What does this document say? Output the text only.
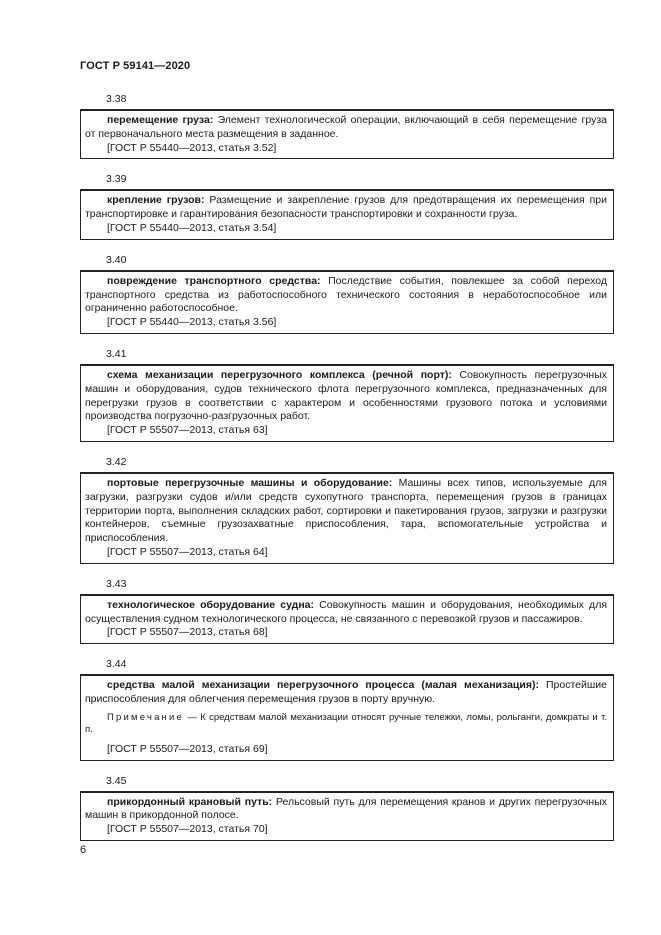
ГОСТ Р 59141—2020
3.38
перемещение груза: Элемент технологической операции, включающий в себя перемещение груза от первоначального места размещения в заданное.
[ГОСТ Р 55440—2013, статья 3.52]
3.39
крепление грузов: Размещение и закрепление грузов для предотвращения их перемещения при транспортировке и гарантирования безопасности транспортировки и сохранности груза.
[ГОСТ Р 55440—2013, статья 3.54]
3.40
повреждение транспортного средства: Последствие события, повлекшее за собой переход транспортного средства из работоспособного технического состояния в неработоспособное или ограниченно работоспособное.
[ГОСТ Р 55440—2013, статья 3.56]
3.41
схема механизации перегрузочного комплекса (речной порт): Совокупность перегрузочных машин и оборудования, судов технического флота перегрузочного комплекса, предназначенных для перегрузки грузов в соответствии с характером и особенностями грузового потока и условиями производства погрузочно-разгрузочных работ.
[ГОСТ Р 55507—2013, статья 63]
3.42
портовые перегрузочные машины и оборудование: Машины всех типов, используемые для загрузки, разгрузки судов и/или средств сухопутного транспорта, перемещения грузов в границах территории порта, выполнения складских работ, сортировки и пакетирования грузов, загрузки и разгрузки контейнеров, съемные грузозахватные приспособления, тара, вспомогательные устройства и приспособления.
[ГОСТ Р 55507—2013, статья 64]
3.43
технологическое оборудование судна: Совокупность машин и оборудования, необходимых для осуществления судном технологического процесса, не связанного с перевозкой грузов и пассажиров.
[ГОСТ Р 55507—2013, статья 68]
3.44
средства малой механизации перегрузочного процесса (малая механизация): Простейшие приспособления для облегчения перемещения грузов в порту вручную.
Примечание — К средствам малой механизации относят ручные тележки, ломы, рольганги, домкраты и т. п.
[ГОСТ Р 55507—2013, статья 69]
3.45
прикордонный крановый путь: Рельсовый путь для перемещения кранов и других перегрузочных машин в прикордонной полосе.
[ГОСТ Р 55507—2013, статья 70]
6
